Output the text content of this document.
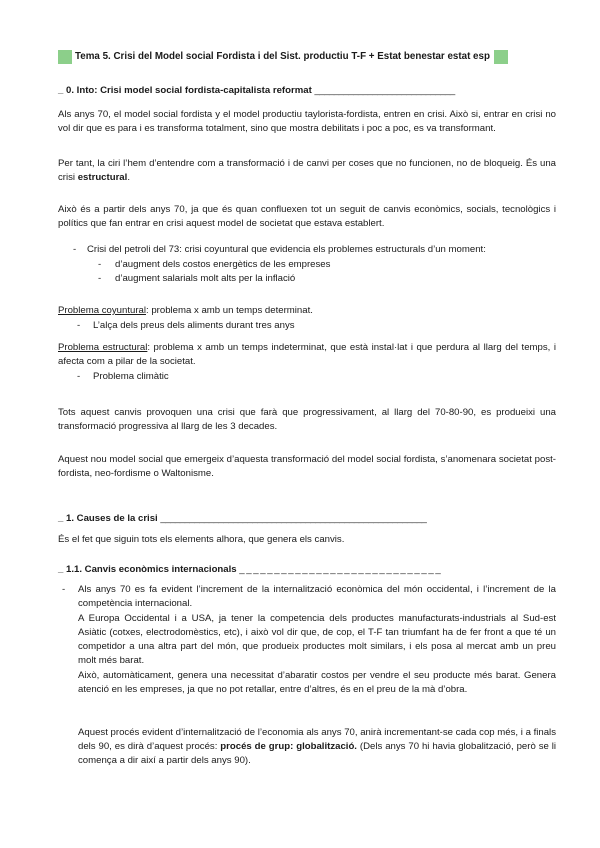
Tema 5. Crisi del Model social Fordista i del Sist. productiu T-F + Estat benestar estat esp
_ 0. Into: Crisi model social fordista-capitalista reformat _____________________________

Als anys 70, el model social fordista y el model productiu taylorista-fordista, entren en crisi. Això si, entrar en crisi no vol dir que es para i es transforma totalment, sino que mostra debilitats i poc a poc, es va transformant.

Per tant, la ciri l’hem d’entendre com a transformació i de canvi per coses que no funcionen, no de bloqueig. És una crisi estructural.

Això és a partir dels anys 70, ja que és quan confluexen tot un seguit de canvis econòmics, socials, tecnològics i polítics que fan entrar en crisi aquest model de societat que estava establert.

- Crisi del petroli del 73: crisi coyuntural que evidencia els problemes estructurals d’un moment:
- d’augment dels costos energètics de les empreses
- d’augment salarials molt alts per la inflació

Problema coyuntural: problema x amb un temps determinat.

- L’alça dels preus dels aliments durant tres anys

Problema estructural: problema x amb un temps indeterminat, que està instal·lat i que perdura al llarg del temps, i afecta com a pilar de la societat.

- Problema climàtic

Tots aquest canvis provoquen una crisi que farà que progressivament, al llarg del 70-80-90, es produeixi una transformació progressiva al llarg de les 3 decades.

Aquest nou model social que emergeix d’aquesta transformació del model social fordista, s’anomenara societat post-fordista, neo-fordisme o Waltonisme.

_ 1. Causes de la crisi _______________________________________________________

És el fet que siguin tots els elements alhora, que genera els canvis.

_ 1.1. Canvis econòmics internacionals _ _ _ _ _ _ _ _ _ _ _ _ _ _ _ _ _ _ _ _ _ _ _ _ _ _ _ _ _
- Als anys 70 es fa evident l’increment de la internalització econòmica del món occidental, i l’increment de la competència internacional.

A Europa Occidental i a USA, ja tener la competencia dels productes manufacturats-industrials al Sud-est Asiàtic (cotxes, electrodomèstics, etc), i això vol dir que, de cop, el T-F tan triumfant ha de fer front a que té un competidor a una altra part del món, que produeix productes molt similars, i els posa al mercat amb un preu molt més barat.

Això, automàticament, genera una necessitat d’abaratir costos per vendre el seu producte més barat. Genera atenció en les empreses, ja que no pot retallar, entre d’altres, és en el preu de la mà d’obra.

Aquest procés evident d’internalització de l’economia als anys 70, anirà incrementant-se cada cop més, i a finals dels 90, es dirà d’aquest procés: procés de grup: globalització. (Dels anys 70 hi havia globalització, però se li comença a dir així a partir dels anys 90).
